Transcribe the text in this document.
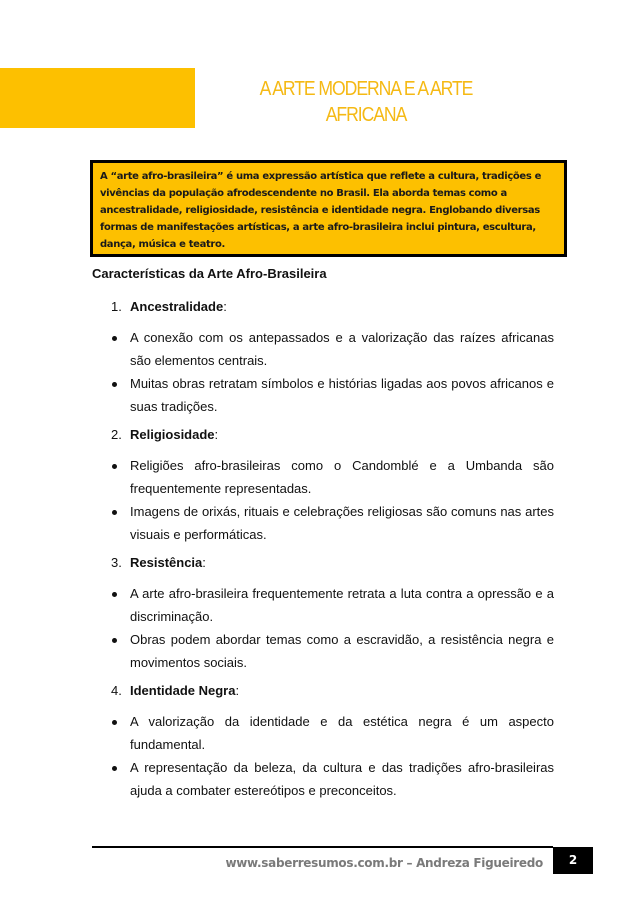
A ARTE MODERNA E A ARTE
AFRICANA

A “arte afro-brasileira” é uma expressão artística que reflete a cultura, tradições e vivências da população afrodescendente no Brasil. Ela aborda temas como a ancestralidade, religiosidade, resistência e identidade negra. Englobando diversas formas de manifestações artísticas, a arte afro-brasileira inclui pintura, escultura, dança, música e teatro.

Características da Arte Afro-Brasileira
1. Ancestralidade:
A conexão com os antepassados e a valorização das raízes africanas são elementos centrais.
Muitas obras retratam símbolos e histórias ligadas aos povos africanos e suas tradições.
2. Religiosidade:
Religiões afro-brasileiras como o Candomblé e a Umbanda são frequentemente representadas.
Imagens de orixás, rituais e celebrações religiosas são comuns nas artes visuais e performáticas.
3. Resistência:
A arte afro-brasileira frequentemente retrata a luta contra a opressão e a discriminação.
Obras podem abordar temas como a escravidão, a resistência negra e movimentos sociais.
4. Identidade Negra:
A valorização da identidade e da estética negra é um aspecto fundamental.
A representação da beleza, da cultura e das tradições afro-brasileiras ajuda a combater estereótipos e preconceitos.
www.saberresumos.com.br – Andreza Figueiredo	2
